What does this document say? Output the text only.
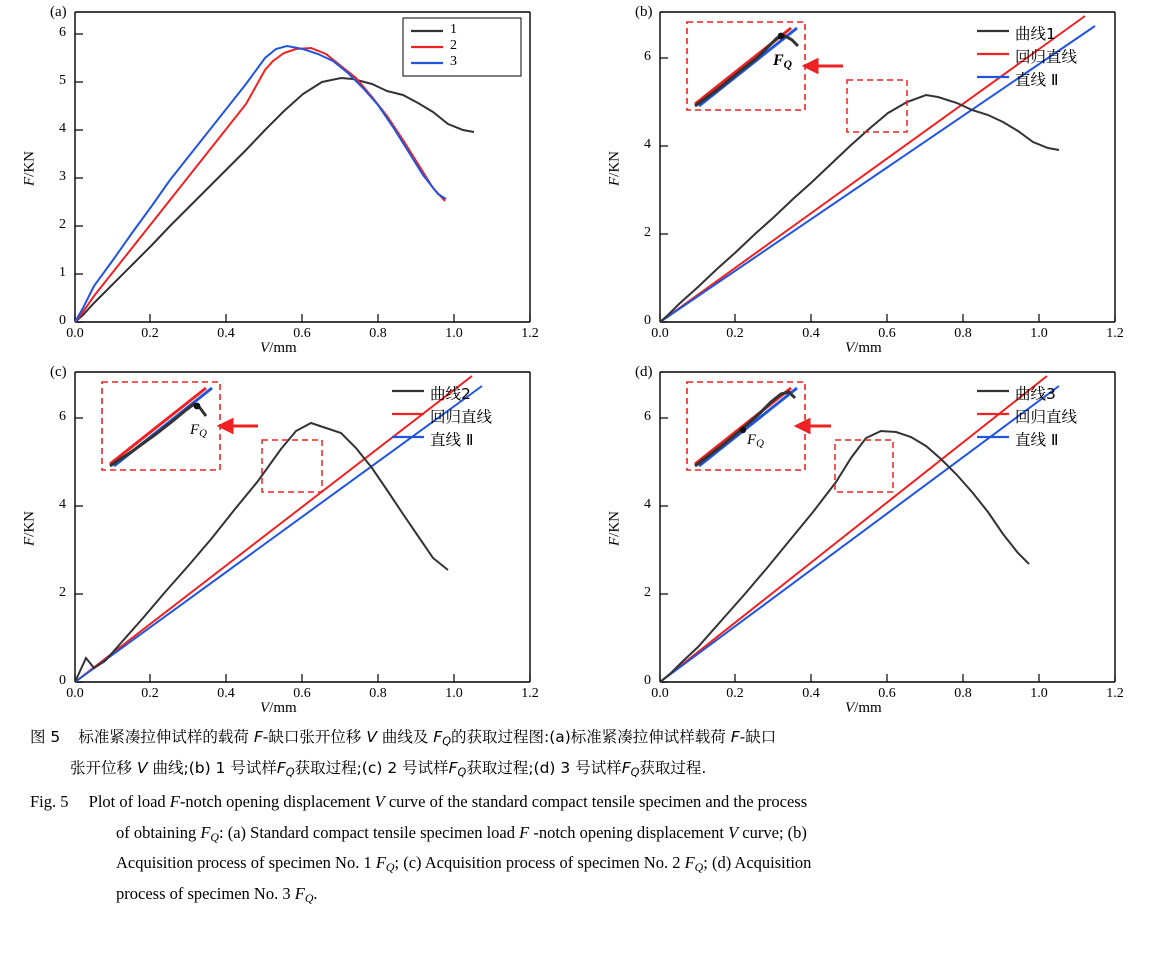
(a)
1
2
3
0.0	0.2	0.4	0.6	0.8	1.0	1.2
0
1
2
3
4
5
6
V/mm
F/KN
(b)
曲线1
回归直线
直线 Ⅱ
$F_Q$
0.0	0.2	0.4	0.6	0.8	1.0	1.2
0
2
4
6
V/mm
F/KN
(c)
曲线2
回归直线
直线 Ⅱ
$F_Q$
0.0	0.2	0.4	0.6	0.8	1.0	1.2
0
2
4
6
V/mm
F/KN
(d)
曲线3
回归直线
直线 Ⅱ
$F_Q$
0.0	0.2	0.4	0.6	0.8	1.0	1.2
0
2
4
6
V/mm
F/KN
图 5 标准紧凑拉伸试样的载荷 F-缺口张开位移 V 曲线及 $F_Q$的获取过程图:(a)标准紧凑拉伸试样载荷 F-缺口
张开位移 V 曲线;(b) 1 号试样$F_Q$获取过程;(c) 2 号试样$F_Q$获取过程;(d) 3 号试样$F_Q$获取过程.
Fig. 5 Plot of load F-notch opening displacement V curve of the standard compact tensile specimen and the process
of obtaining $F_Q$: (a) Standard compact tensile specimen load F -notch opening displacement V curve; (b)
Acquisition process of specimen No. 1 $F_Q$; (c) Acquisition process of specimen No. 2 $F_Q$; (d) Acquisition
process of specimen No. 3 $F_Q$.
